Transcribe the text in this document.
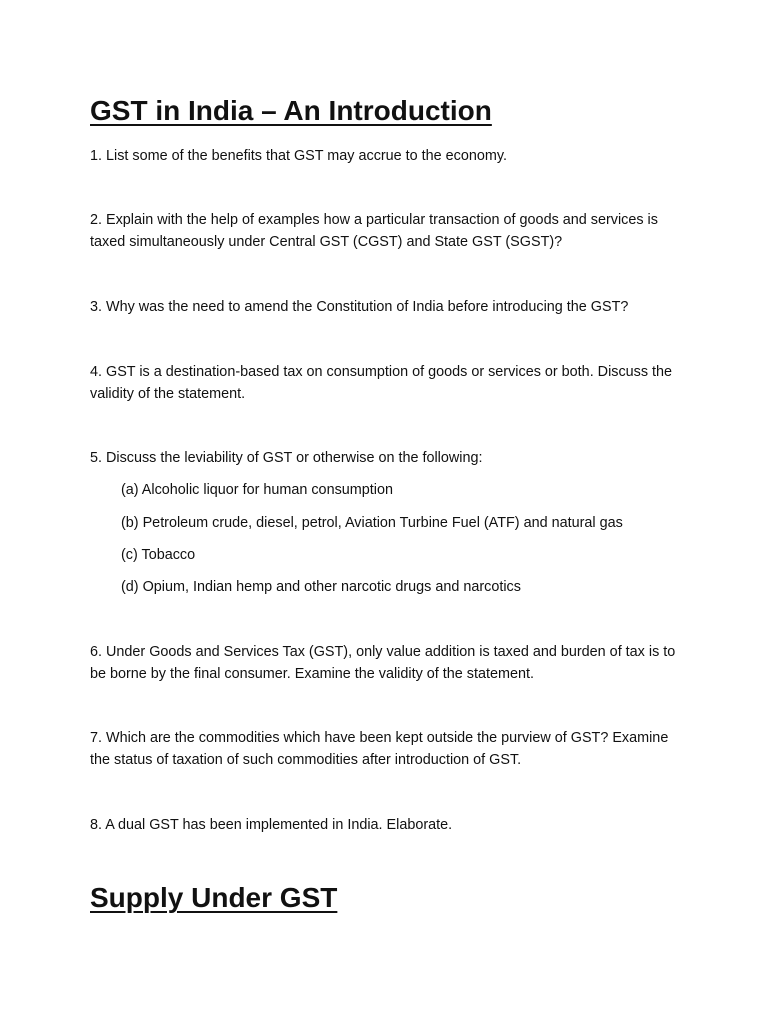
GST in India – An Introduction

1. List some of the benefits that GST may accrue to the economy.

2. Explain with the help of examples how a particular transaction of goods and services is taxed simultaneously under Central GST (CGST) and State GST (SGST)?

3. Why was the need to amend the Constitution of India before introducing the GST?

4. GST is a destination-based tax on consumption of goods or services or both. Discuss the validity of the statement.

5. Discuss the leviability of GST or otherwise on the following:

(a) Alcoholic liquor for human consumption

(b) Petroleum crude, diesel, petrol, Aviation Turbine Fuel (ATF) and natural gas

(c) Tobacco

(d) Opium, Indian hemp and other narcotic drugs and narcotics

6. Under Goods and Services Tax (GST), only value addition is taxed and burden of tax is to be borne by the final consumer. Examine the validity of the statement.

7. Which are the commodities which have been kept outside the purview of GST? Examine the status of taxation of such commodities after introduction of GST.

8. A dual GST has been implemented in India. Elaborate.

Supply Under GST
